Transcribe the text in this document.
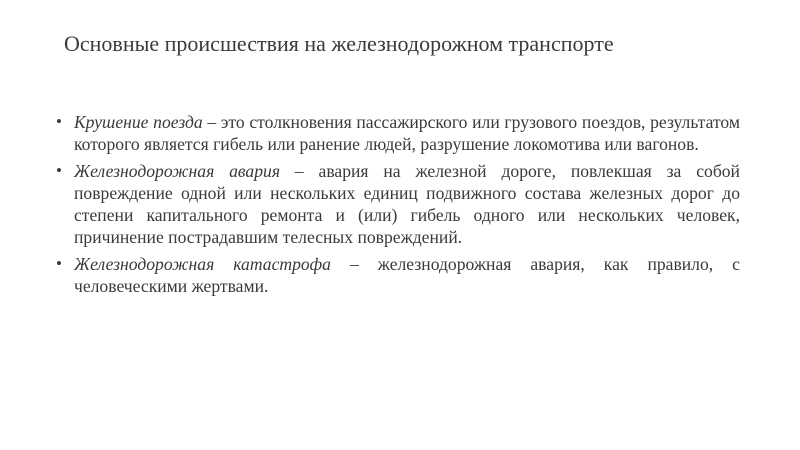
Основные происшествия на железнодорожном транспорте
• Крушение поезда – это столкновения пассажирского или грузового поездов, результатом которого является гибель или ранение людей, разрушение локомотива или вагонов.
• Железнодорожная авария – авария на железной дороге, повлекшая за собой повреждение одной или нескольких единиц подвижного состава железных дорог до степени капитального ремонта и (или) гибель одного или нескольких человек, причинение пострадавшим телесных повреждений.
• Железнодорожная катастрофа – железнодорожная авария, как правило, с человеческими жертвами.
